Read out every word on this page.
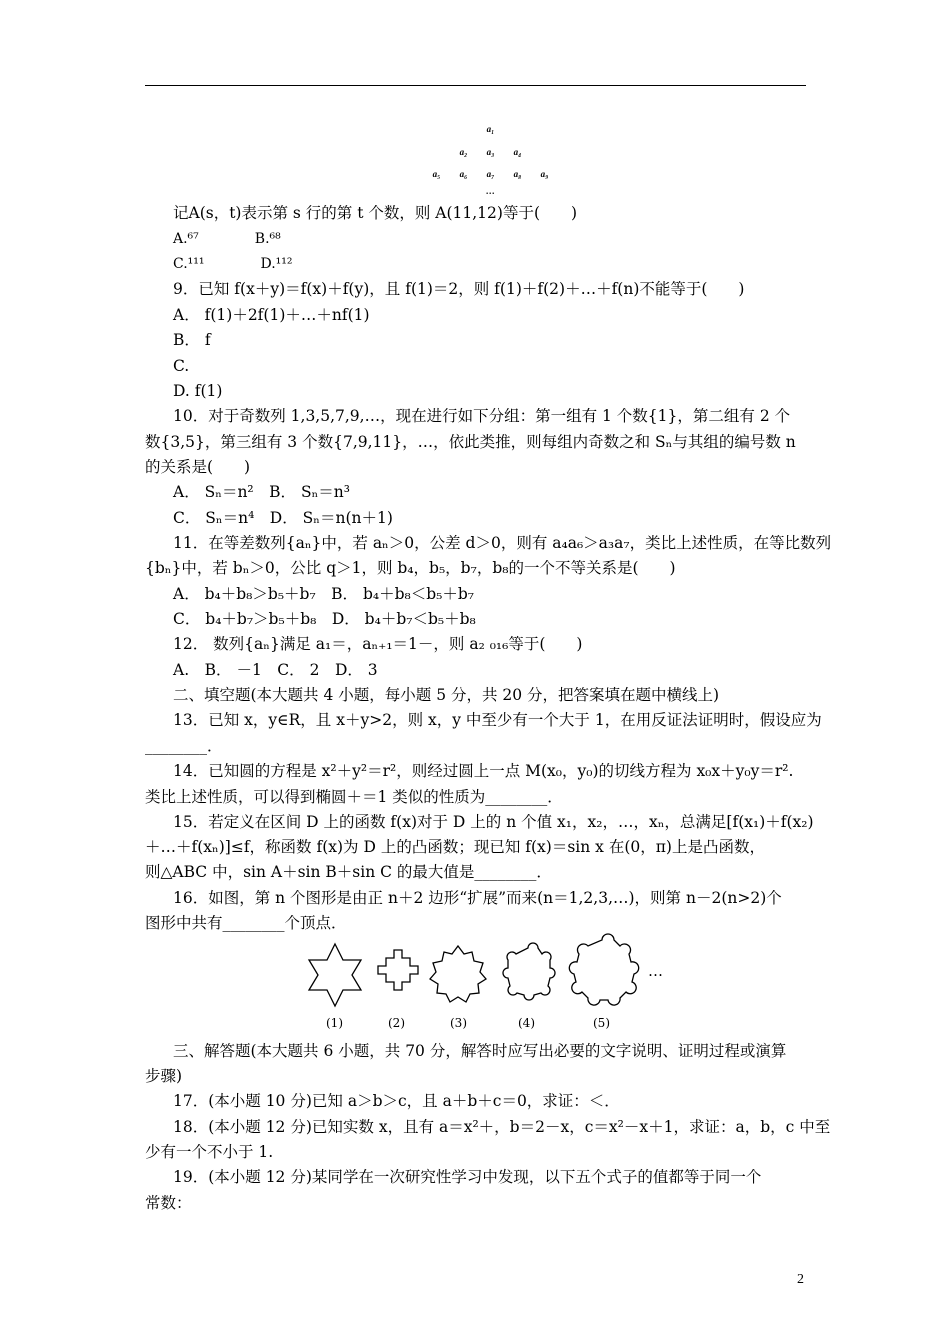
a₁
a₂ a₃ a₄
a₅ a₆ a₇ a₈ a₉
…
记A(s，t)表示第 s 行的第 t 个数，则 A(11,12)等于(　　)
A.⁶⁷　　　　B.⁶⁸
C.¹¹¹　　　　D.¹¹²
9．已知 f(x＋y)＝f(x)＋f(y)，且 f(1)＝2，则 f(1)＋f(2)＋…＋f(n)不能等于(　　)
A． f(1)＋2f(1)＋…＋nf(1)
B． f
C.
D. f(1)
10．对于奇数列 1,3,5,7,9,…，现在进行如下分组：第一组有 1 个数{1}，第二组有 2 个
数{3,5}，第三组有 3 个数{7,9,11}，…，依此类推，则每组内奇数之和 Sₙ与其组的编号数 n
的关系是(　　)
A． Sₙ＝n²　B． Sₙ＝n³
C． Sₙ＝n⁴　D． Sₙ＝n(n＋1)
11．在等差数列{aₙ}中，若 aₙ＞0，公差 d＞0，则有 a₄a₆＞a₃a₇，类比上述性质，在等比数列
{bₙ}中，若 bₙ＞0，公比 q＞1，则 b₄，b₅，b₇，b₈的一个不等关系是(　　)
A． b₄＋b₈＞b₅＋b₇　B． b₄＋b₈＜b₅＋b₇
C． b₄＋b₇＞b₅＋b₈　D． b₄＋b₇＜b₅＋b₈
12． 数列{aₙ}满足 a₁＝，aₙ₊₁＝1－，则 a₂ ₀₁₆等于(　　)
A.　B． －1　C． 2　D． 3
二、填空题(本大题共 4 小题，每小题 5 分，共 20 分，把答案填在题中横线上)
13．已知 x，y∈R，且 x＋y>2，则 x，y 中至少有一个大于 1，在用反证法证明时，假设应为
________．
14．已知圆的方程是 x²＋y²＝r²，则经过圆上一点 M(x₀，y₀)的切线方程为 x₀x＋y₀y＝r².
类比上述性质，可以得到椭圆＋＝1 类似的性质为________．
15．若定义在区间 D 上的函数 f(x)对于 D 上的 n 个值 x₁，x₂，…，xₙ，总满足[f(x₁)＋f(x₂)
＋…＋f(xₙ)]≤f，称函数 f(x)为 D 上的凸函数；现已知 f(x)＝sin x 在(0，π)上是凸函数，
则△ABC 中，sin A＋sin B＋sin C 的最大值是________．
16．如图，第 n 个图形是由正 n＋2 边形“扩展”而来(n＝1,2,3,…)，则第 n－2(n>2)个
图形中共有________个顶点．
…
(1)	(2)	(3)	(4)	(5)
三、解答题(本大题共 6 小题，共 70 分，解答时应写出必要的文字说明、证明过程或演算
步骤)
17．(本小题 10 分)已知 a＞b＞c，且 a＋b＋c＝0，求证：＜．
18．(本小题 12 分)已知实数 x，且有 a＝x²＋，b＝2－x，c＝x²－x＋1，求证：a，b，c 中至
少有一个不小于 1.
19．(本小题 12 分)某同学在一次研究性学习中发现，以下五个式子的值都等于同一个
常数：
2
